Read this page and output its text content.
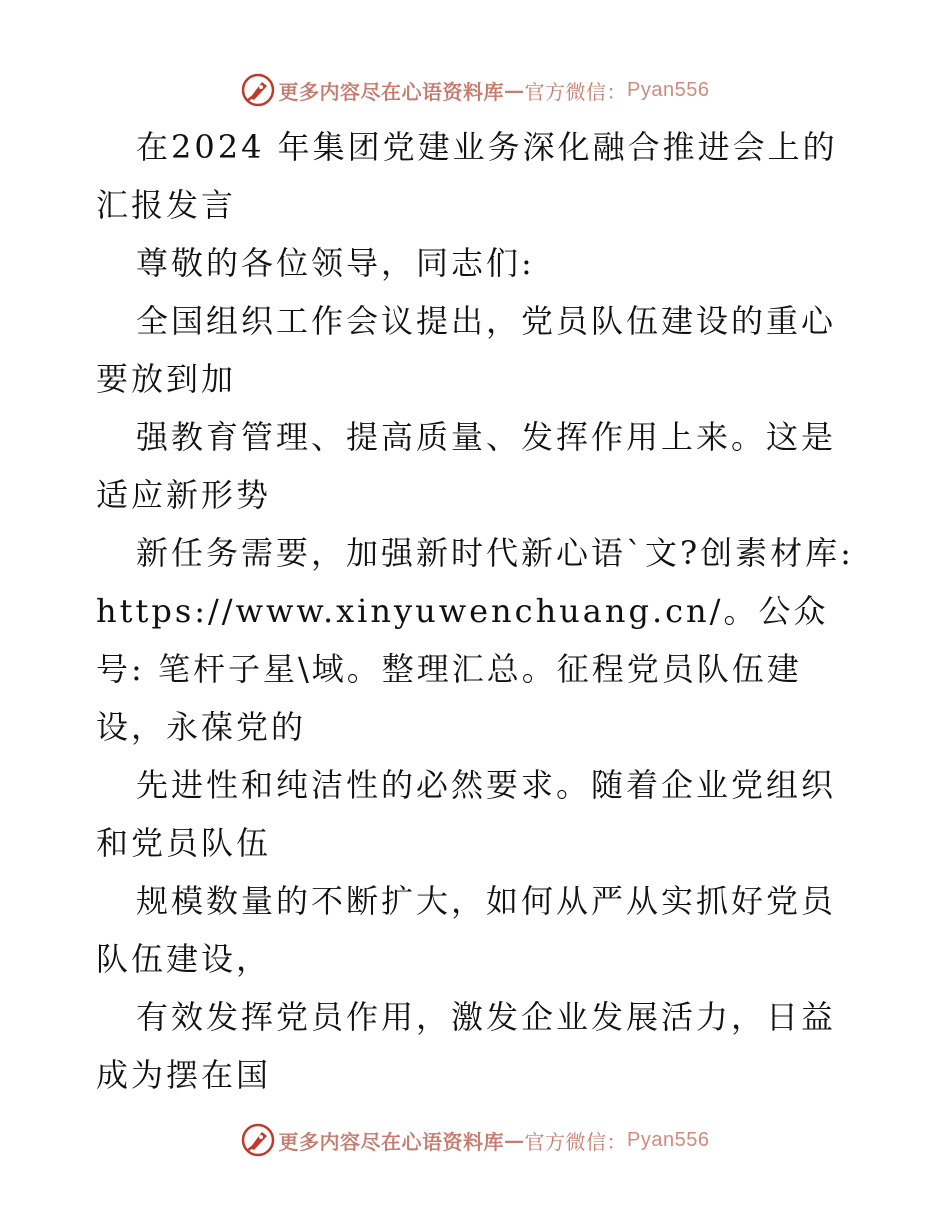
更多内容尽在心语资料库 — 官方微信： Pyan556

在2024 年集团党建业务深化融合推进会上的汇报发言

尊敬的各位领导，同志们:

全国组织工作会议提出，党员队伍建设的重心要放到加

强教育管理、提高质量、发挥作用上来。这是适应新形势

新任务需要，加强新时代新心语`文?创素材库: https://www.xinyuwenchuang.cn/。公众号: 笔杆子星\域。整理汇总。征程党员队伍建设，永葆党的

先进性和纯洁性的必然要求。随着企业党组织和党员队伍

规模数量的不断扩大，如何从严从实抓好党员队伍建设，

有效发挥党员作用，激发企业发展活力，日益成为摆在国

更多内容尽在心语资料库 — 官方微信： Pyan556
